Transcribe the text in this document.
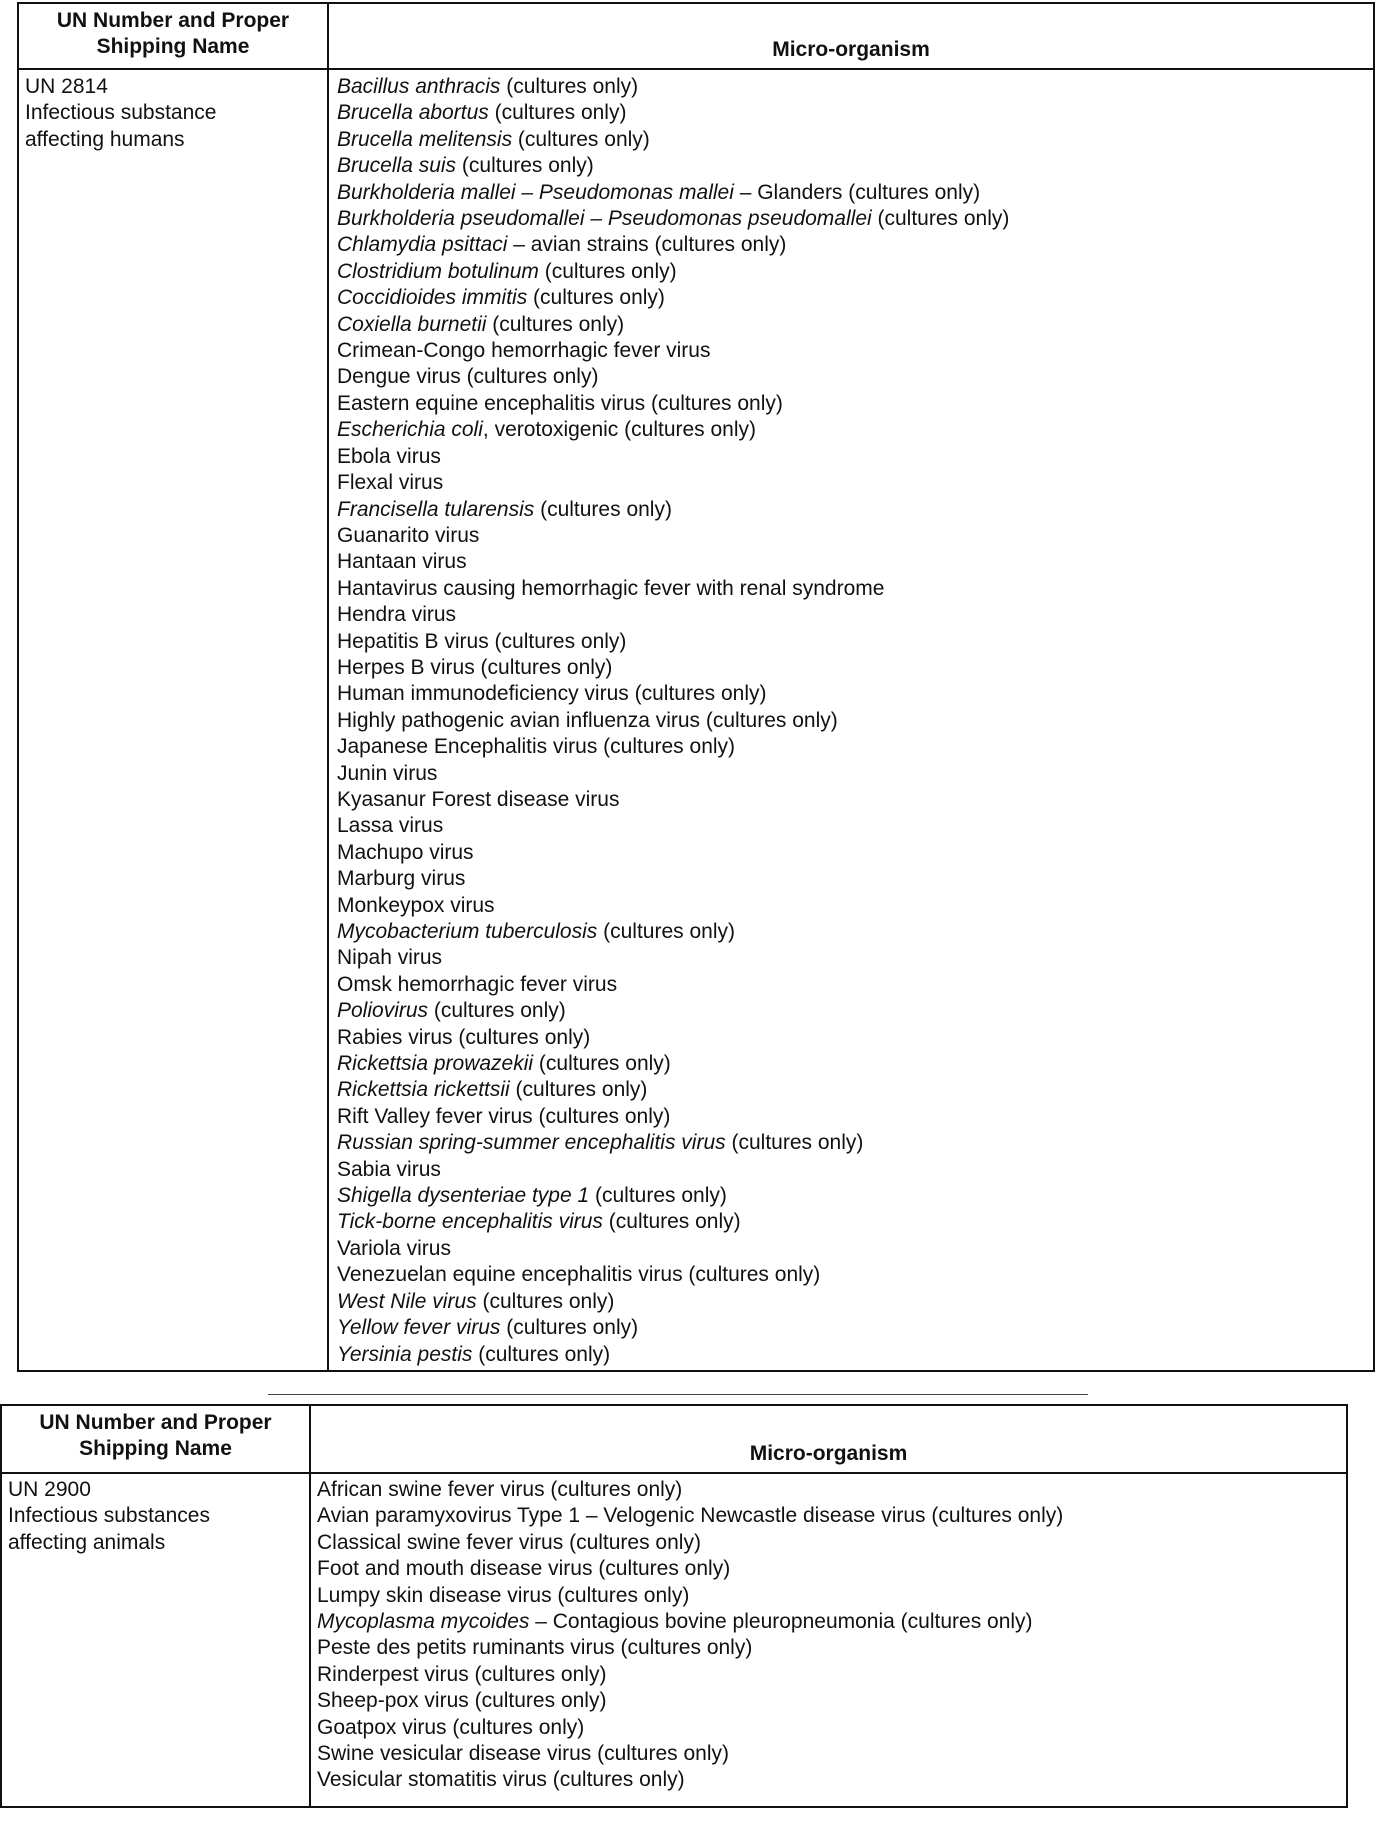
UN Number and Proper
Shipping Name	Micro-organism
UN 2814
Infectious substance
affecting humans
Bacillus anthracis (cultures only)
Brucella abortus (cultures only)
Brucella melitensis (cultures only)
Brucella suis (cultures only)
Burkholderia mallei – Pseudomonas mallei – Glanders (cultures only)
Burkholderia pseudomallei – Pseudomonas pseudomallei (cultures only)
Chlamydia psittaci – avian strains (cultures only)
Clostridium botulinum (cultures only)
Coccidioides immitis (cultures only)
Coxiella burnetii (cultures only)
Crimean-Congo hemorrhagic fever virus
Dengue virus (cultures only)
Eastern equine encephalitis virus (cultures only)
Escherichia coli, verotoxigenic (cultures only)
Ebola virus
Flexal virus
Francisella tularensis (cultures only)
Guanarito virus
Hantaan virus
Hantavirus causing hemorrhagic fever with renal syndrome
Hendra virus
Hepatitis B virus (cultures only)
Herpes B virus (cultures only)
Human immunodeficiency virus (cultures only)
Highly pathogenic avian influenza virus (cultures only)
Japanese Encephalitis virus (cultures only)
Junin virus
Kyasanur Forest disease virus
Lassa virus
Machupo virus
Marburg virus
Monkeypox virus
Mycobacterium tuberculosis (cultures only)
Nipah virus
Omsk hemorrhagic fever virus
Poliovirus (cultures only)
Rabies virus (cultures only)
Rickettsia prowazekii (cultures only)
Rickettsia rickettsii (cultures only)
Rift Valley fever virus (cultures only)
Russian spring-summer encephalitis virus (cultures only)
Sabia virus
Shigella dysenteriae type 1 (cultures only)
Tick-borne encephalitis virus (cultures only)
Variola virus
Venezuelan equine encephalitis virus (cultures only)
West Nile virus (cultures only)
Yellow fever virus (cultures only)
Yersinia pestis (cultures only)
UN Number and Proper
Shipping Name	Micro-organism
UN 2900
Infectious substances
affecting animals
African swine fever virus (cultures only)
Avian paramyxovirus Type 1 – Velogenic Newcastle disease virus (cultures only)
Classical swine fever virus (cultures only)
Foot and mouth disease virus (cultures only)
Lumpy skin disease virus (cultures only)
Mycoplasma mycoides – Contagious bovine pleuropneumonia (cultures only)
Peste des petits ruminants virus (cultures only)
Rinderpest virus (cultures only)
Sheep-pox virus (cultures only)
Goatpox virus (cultures only)
Swine vesicular disease virus (cultures only)
Vesicular stomatitis virus (cultures only)
